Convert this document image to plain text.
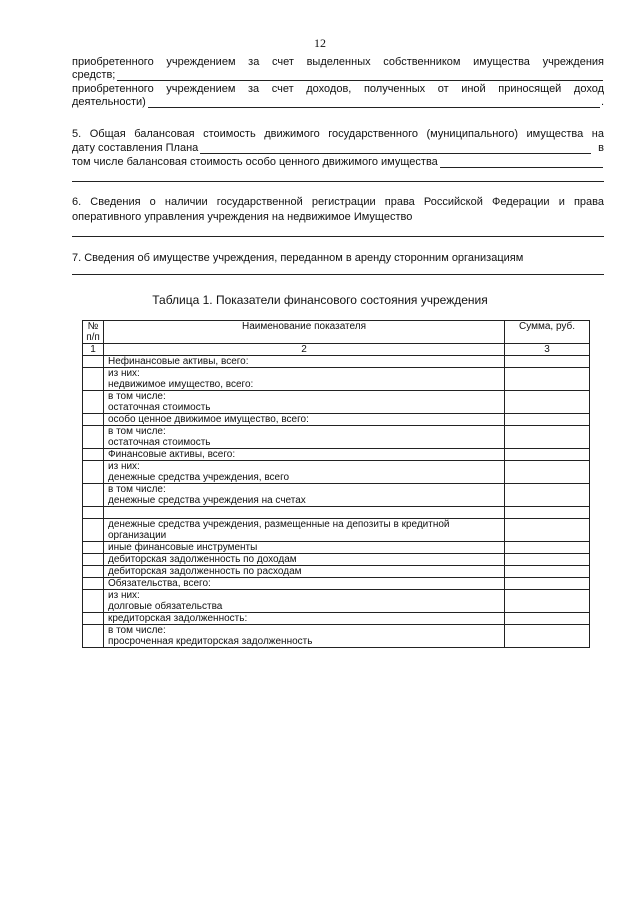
12
приобретенного учреждением за счет выделенных собственником имущества учреждения
средств;
приобретенного учреждением за счет доходов, полученных от иной приносящей доход
деятельности)	.
5. Общая балансовая стоимость движимого государственного (муниципального) имущества на
дату составления Плана	в
том числе балансовая стоимость особо ценного движимого имущества
6. Сведения о наличии государственной регистрации права Российской Федерации и права
оперативного управления учреждения на недвижимое Имущество
7. Сведения об имуществе учреждения, переданном в аренду сторонним организациям
Таблица 1. Показатели финансового состояния учреждения
№ п/п	Наименование показателя	Сумма, руб.
1	2	3

	Нефинансовые активы, всего:	

	из них:
недвижимое имущество, всего:	

	в том числе:
остаточная стоимость	

	особо ценное движимое имущество, всего:	

	в том числе:
остаточная стоимость	

	Финансовые активы, всего:	

	из них:
денежные средства учреждения, всего	

	в том числе:
денежные средства учреждения на счетах	

	денежные средства учреждения, размещенные на депозиты в кредитной
организации	

	иные финансовые инструменты	

	дебиторская задолженность по доходам	

	дебиторская задолженность по расходам	

	Обязательства, всего:	

	из них:
долговые обязательства	

	кредиторская задолженность:	

	в том числе:
просроченная кредиторская задолженность	
